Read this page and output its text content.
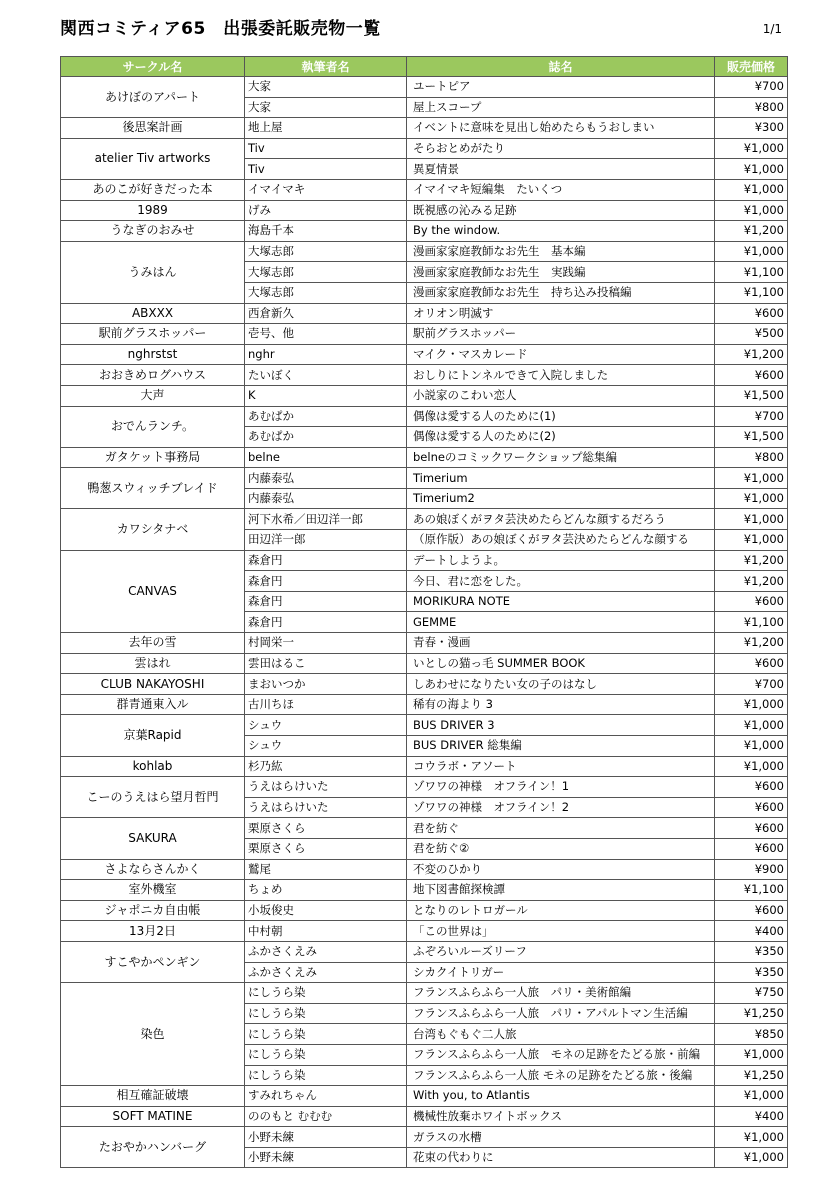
関西コミティア65　出張委託販売物一覧	1/1
サークル名	執筆者名	誌名	販売価格
あけぼのアパート	大家	ユートピア	¥700
	大家	屋上スコープ	¥800
後思案計画	地上屋	イベントに意味を見出し始めたらもうおしまい	¥300
atelier Tiv artworks	Tiv	そらおとめがたり	¥1,000
	Tiv	異夏情景	¥1,000
あのこが好きだった本	イマイマキ	イマイマキ短編集　たいくつ	¥1,000
1989	げみ	既視感の沁みる足跡	¥1,000
うなぎのおみせ	海島千本	By the window.	¥1,200
うみはん	大塚志郎	漫画家家庭教師なお先生　基本編	¥1,000
	大塚志郎	漫画家家庭教師なお先生　実践編	¥1,100
	大塚志郎	漫画家家庭教師なお先生　持ち込み投稿編	¥1,100
ABXXX	西倉新久	オリオン明滅す	¥600
駅前グラスホッパー	壱号、他	駅前グラスホッパー	¥500
nghrstst	nghr	マイク・マスカレード	¥1,200
おおきめログハウス	たいぼく	おしりにトンネルできて入院しました	¥600
大声	K	小説家のこわい恋人	¥1,500
おでんランチ。	あむぱか	偶像は愛する人のために(1)	¥700
	あむぱか	偶像は愛する人のために(2)	¥1,500
ガタケット事務局	belne	belneのコミックワークショップ総集編	¥800
鴨葱スウィッチブレイド	内藤泰弘	Timerium	¥1,000
	内藤泰弘	Timerium2	¥1,000
カワシタナベ	河下水希／田辺洋一郎	あの娘ぼくがヲタ芸決めたらどんな顔するだろう	¥1,000
	田辺洋一郎	（原作版）あの娘ぼくがヲタ芸決めたらどんな顔する	¥1,000
CANVAS	森倉円	デートしようよ。	¥1,200
	森倉円	今日、君に恋をした。	¥1,200
	森倉円	MORIKURA NOTE	¥600
	森倉円	GEMME	¥1,100
去年の雪	村岡栄一	青春・漫画	¥1,200
雲はれ	雲田はるこ	いとしの猫っ毛 SUMMER BOOK	¥600
CLUB NAKAYOSHI	まおいつか	しあわせになりたい女の子のはなし	¥700
群青通東入ル	古川ちほ	稀有の海より 3	¥1,000
京葉Rapid	シュウ	BUS DRIVER 3	¥1,000
	シュウ	BUS DRIVER 総集編	¥1,000
kohlab	杉乃紘	コウラボ・アソート	¥1,000
こーのうえはら望月哲門	うえはらけいた	ゾワワの神様　オフライン！1	¥600
	うえはらけいた	ゾワワの神様　オフライン！2	¥600
SAKURA	栗原さくら	君を紡ぐ	¥600
	栗原さくら	君を紡ぐ②	¥600
さよならさんかく	鷲尾	不変のひかり	¥900
室外機室	ちょめ	地下図書館探検譚	¥1,100
ジャポニカ自由帳	小坂俊史	となりのレトロガール	¥600
13月2日	中村朝	「この世界は」	¥400
すこやかペンギン	ふかさくえみ	ふぞろいルーズリーフ	¥350
	ふかさくえみ	シカクイトリガー	¥350
染色	にしうら染	フランスふらふら一人旅　パリ・美術館編	¥750
	にしうら染	フランスふらふら一人旅　パリ・アパルトマン生活編	¥1,250
	にしうら染	台湾もぐもぐ二人旅	¥850
	にしうら染	フランスふらふら一人旅　モネの足跡をたどる旅・前編	¥1,000
	にしうら染	フランスふらふら一人旅 モネの足跡をたどる旅・後編	¥1,250
相互確証破壊	すみれちゃん	With you, to Atlantis	¥1,000
SOFT MATINE	ののもと むむむ	機械性放棄ホワイトボックス	¥400
たおやかハンバーグ	小野未練	ガラスの水槽	¥1,000
	小野未練	花束の代わりに	¥1,000
